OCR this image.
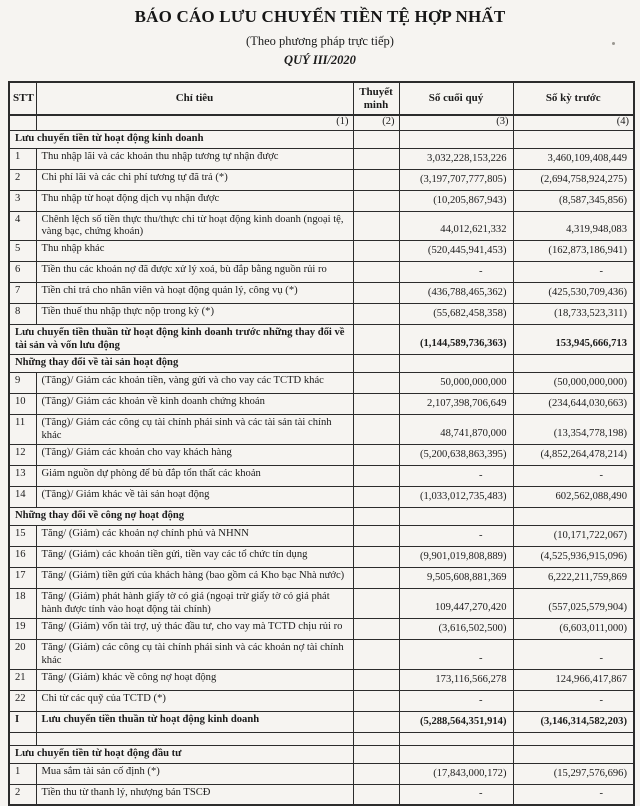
BÁO CÁO LƯU CHUYỂN TIỀN TỆ HỢP NHẤT
(Theo phương pháp trực tiếp)
QUÝ III/2020
STT	Chỉ tiêu	Thuyết minh	Số cuối quý	Số kỳ trước
	(1)	(2)	(3)	(4)
Lưu chuyển tiền từ hoạt động kinh doanh				
1	Thu nhập lãi và các khoản thu nhập tương tự nhận được		3,032,228,153,226	3,460,109,408,449
2	Chi phí lãi và các chi phí tương tự đã trả (*)		(3,197,707,777,805)	(2,694,758,924,275)
3	Thu nhập từ hoạt động dịch vụ nhận được		(10,205,867,943)	(8,587,345,856)
4	Chênh lệch số tiền thực thu/thực chi từ hoạt động kinh doanh (ngoại tệ, vàng bạc, chứng khoán)		44,012,621,332	4,319,948,083
5	Thu nhập khác		(520,445,941,453)	(162,873,186,941)
6	Tiền thu các khoản nợ đã được xử lý xoá, bù đắp bằng nguồn rủi ro		-	-
7	Tiền chi trả cho nhân viên và hoạt động quản lý, công vụ (*)		(436,788,465,362)	(425,530,709,436)
8	Tiền thuế thu nhập thực nộp trong kỳ (*)		(55,682,458,358)	(18,733,523,311)
Lưu chuyển tiền thuần từ hoạt động kinh doanh trước những thay đổi về tài sản và vốn lưu động			(1,144,589,736,363)	153,945,666,713
Những thay đổi về tài sản hoạt động				
9	(Tăng)/ Giảm các khoản tiền, vàng gửi và cho vay các TCTD khác		50,000,000,000	(50,000,000,000)
10	(Tăng)/ Giảm các khoản về kinh doanh chứng khoán		2,107,398,706,649	(234,644,030,663)
11	(Tăng)/ Giảm các công cụ tài chính phái sinh và các tài sản tài chính khác		48,741,870,000	(13,354,778,198)
12	(Tăng)/ Giảm các khoản cho vay khách hàng		(5,200,638,863,395)	(4,852,264,478,214)
13	Giảm nguồn dự phòng để bù đắp tổn thất các khoản		-	-
14	(Tăng)/ Giảm khác về tài sản hoạt động		(1,033,012,735,483)	602,562,088,490
Những thay đổi về công nợ hoạt động				
15	Tăng/ (Giảm) các khoản nợ chính phủ và NHNN		-	(10,171,722,067)
16	Tăng/ (Giảm) các khoản tiền gửi, tiền vay các tổ chức tín dụng		(9,901,019,808,889)	(4,525,936,915,096)
17	Tăng/ (Giảm) tiền gửi của khách hàng (bao gồm cả Kho bạc Nhà nước)		9,505,608,881,369	6,222,211,759,869
18	Tăng/ (Giảm) phát hành giấy tờ có giá (ngoại trừ giấy tờ có giá phát hành được tính vào hoạt động tài chính)		109,447,270,420	(557,025,579,904)
19	Tăng/ (Giảm) vốn tài trợ, uỷ thác đầu tư, cho vay mà TCTD chịu rủi ro		(3,616,502,500)	(6,603,011,000)
20	Tăng/ (Giảm) các công cụ tài chính phái sinh và các khoản nợ tài chính khác		-	-
21	Tăng/ (Giảm) khác về công nợ hoạt động		173,116,566,278	124,966,417,867
22	Chi từ các quỹ của TCTD (*)		-	-
I	Lưu chuyển tiền thuần từ hoạt động kinh doanh		(5,288,564,351,914)	(3,146,314,582,203)

Lưu chuyển tiền từ hoạt động đầu tư				
1	Mua sắm tài sản cố định (*)		(17,843,000,172)	(15,297,576,696)
2	Tiền thu từ thanh lý, nhượng bán TSCĐ		-	-
